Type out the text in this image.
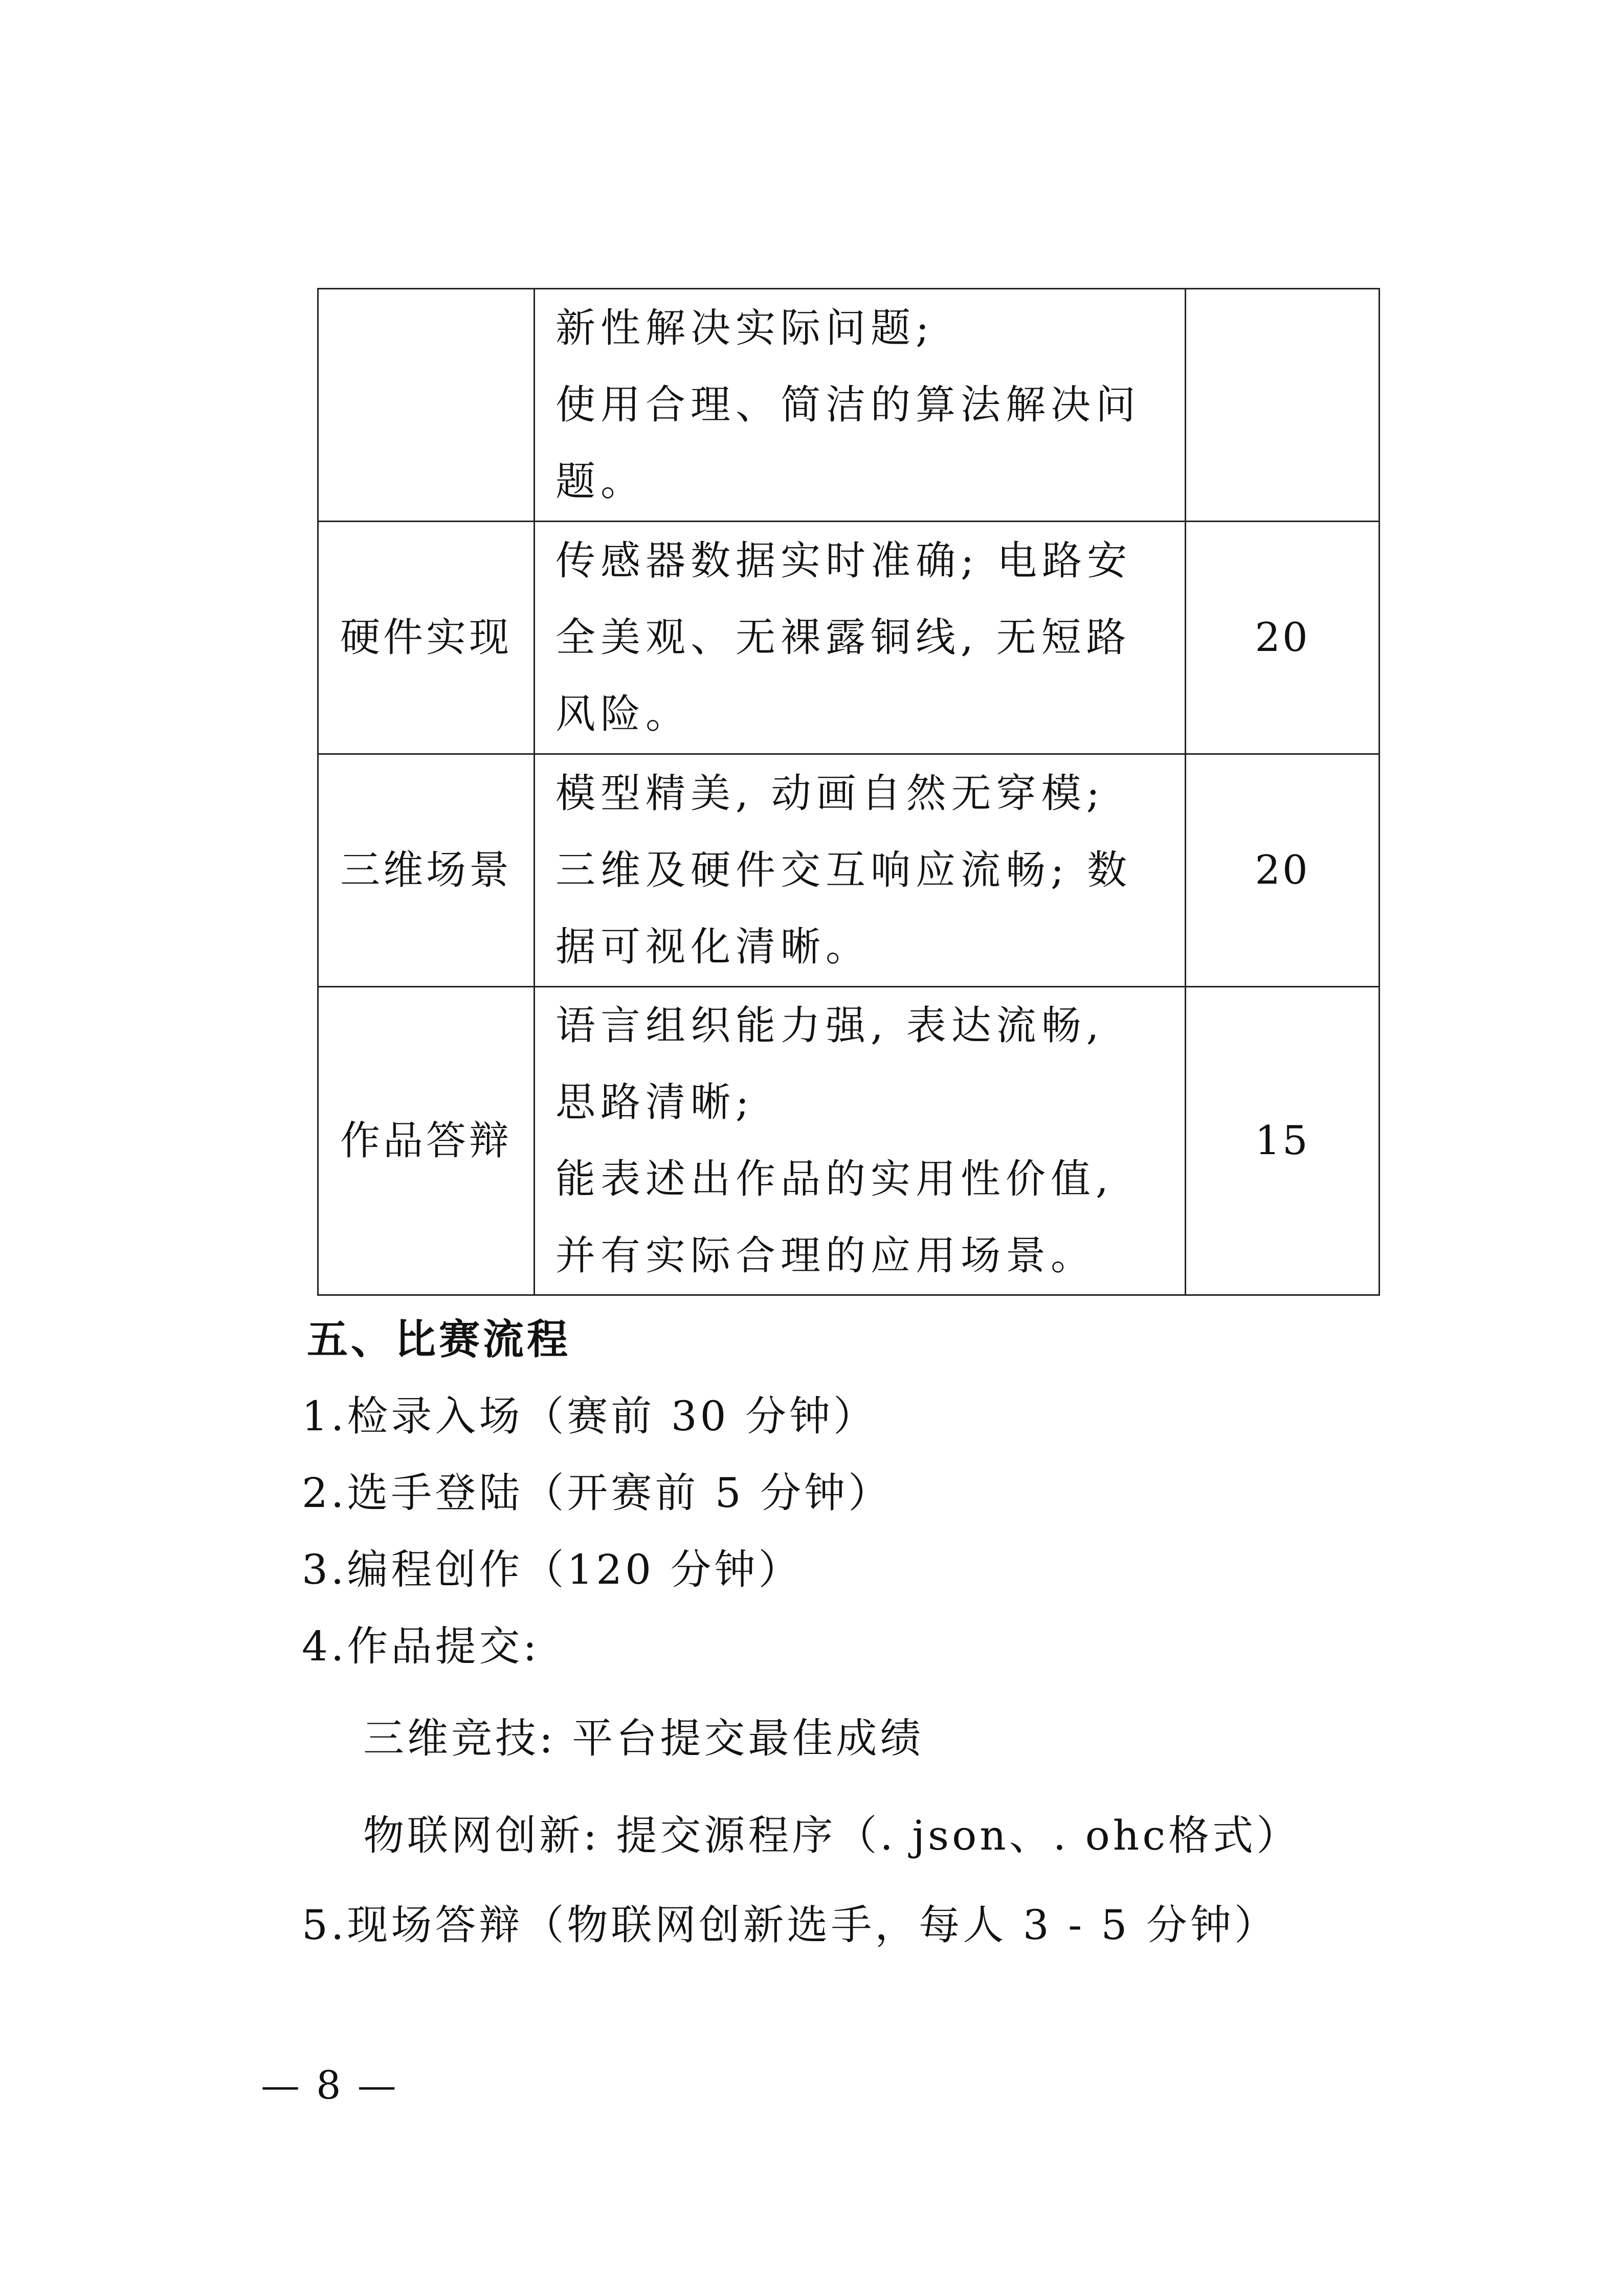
	新性解决实际问题;
使用合理、简洁的算法解决问
题。	

硬件实现	传感器数据实时准确; 电路安
全美观、无裸露铜线, 无短路
风险。	20
三维场景	模型精美, 动画自然无穿模;
三维及硬件交互响应流畅; 数
据可视化清晰。	20
作品答辩	语言组织能力强, 表达流畅,
思路清晰;
能表述出作品的实用性价值,
并有实际合理的应用场景。	15
五、比赛流程
1.检录入场（赛前 30 分钟）
2.选手登陆（开赛前 5 分钟）
3.编程创作（120 分钟）
4.作品提交:
三维竞技: 平台提交最佳成绩
物联网创新: 提交源程序（. json、. ohc格式）
5.现场答辩（物联网创新选手，每人 3 - 5 分钟）
— 8 —
